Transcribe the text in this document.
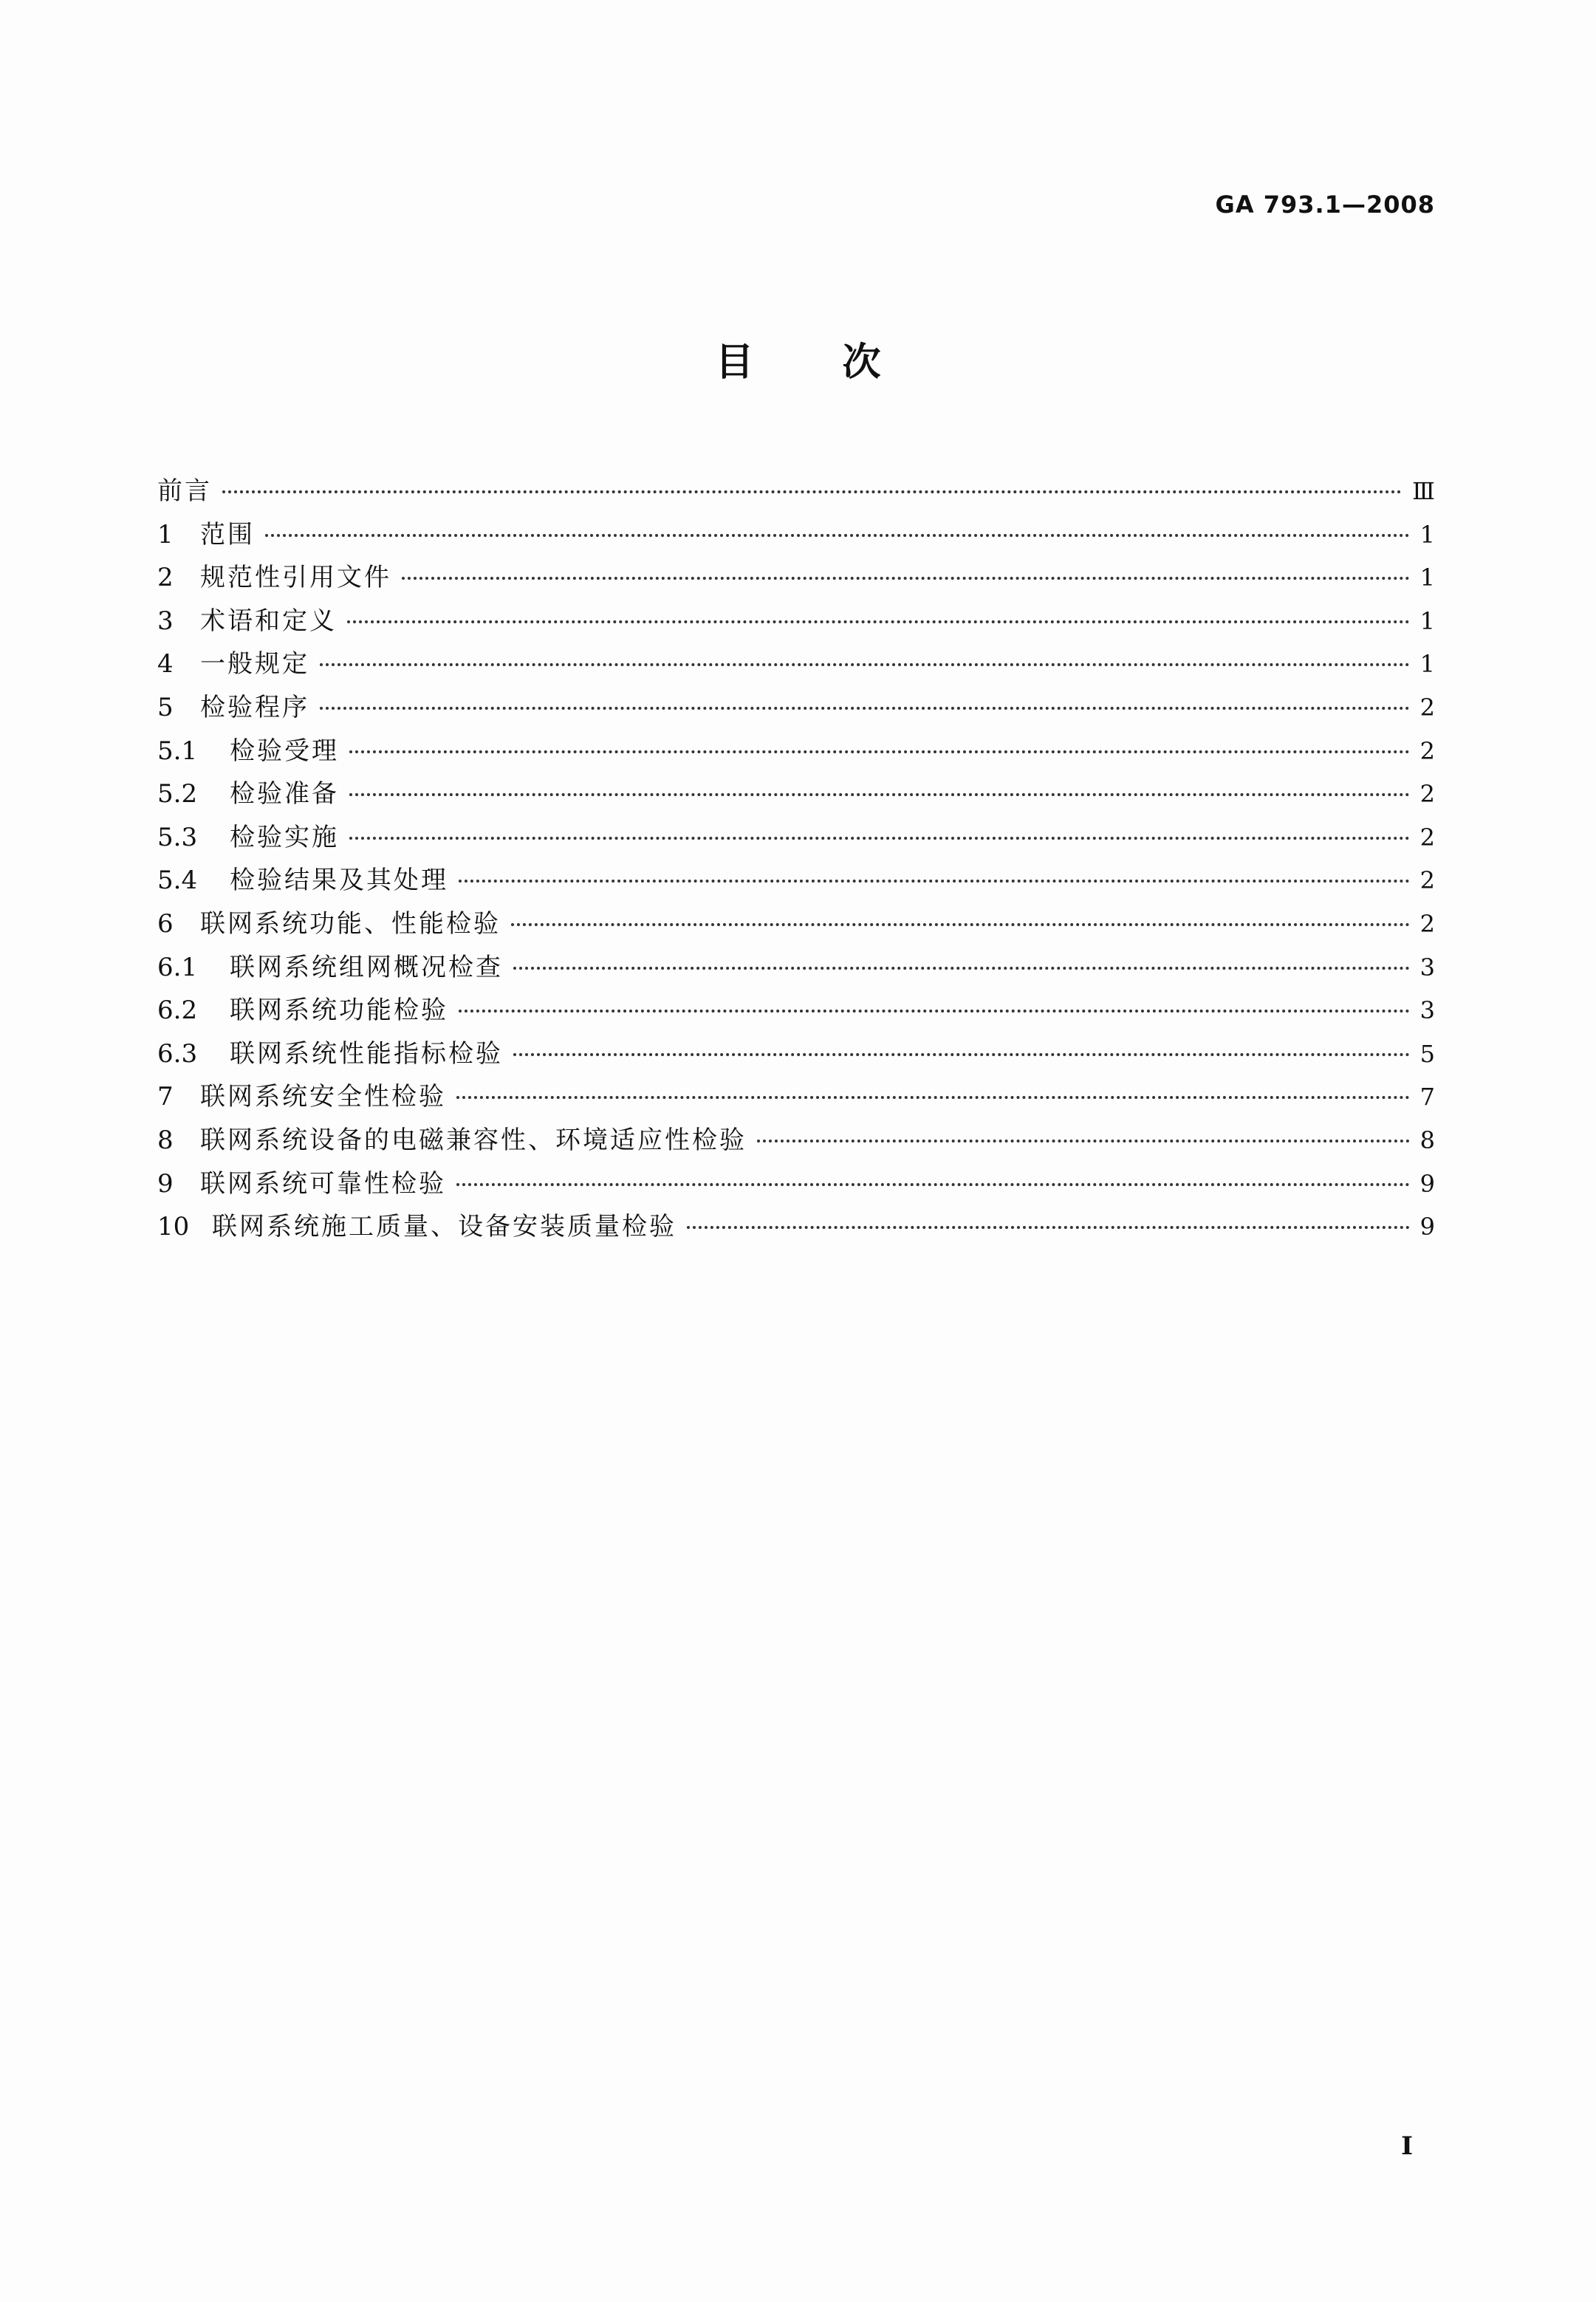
GA 793.1—2008
目次
前言	Ⅲ
1	范围	1
2	规范性引用文件	1
3	术语和定义	1
4	一般规定	1
5	检验程序	2
5.1	检验受理	2
5.2	检验准备	2
5.3	检验实施	2
5.4	检验结果及其处理	2
6	联网系统功能、性能检验	2
6.1	联网系统组网概况检查	3
6.2	联网系统功能检验	3
6.3	联网系统性能指标检验	5
7	联网系统安全性检验	7
8	联网系统设备的电磁兼容性、环境适应性检验	8
9	联网系统可靠性检验	9
10 联网系统施工质量、设备安装质量检验	9
I
